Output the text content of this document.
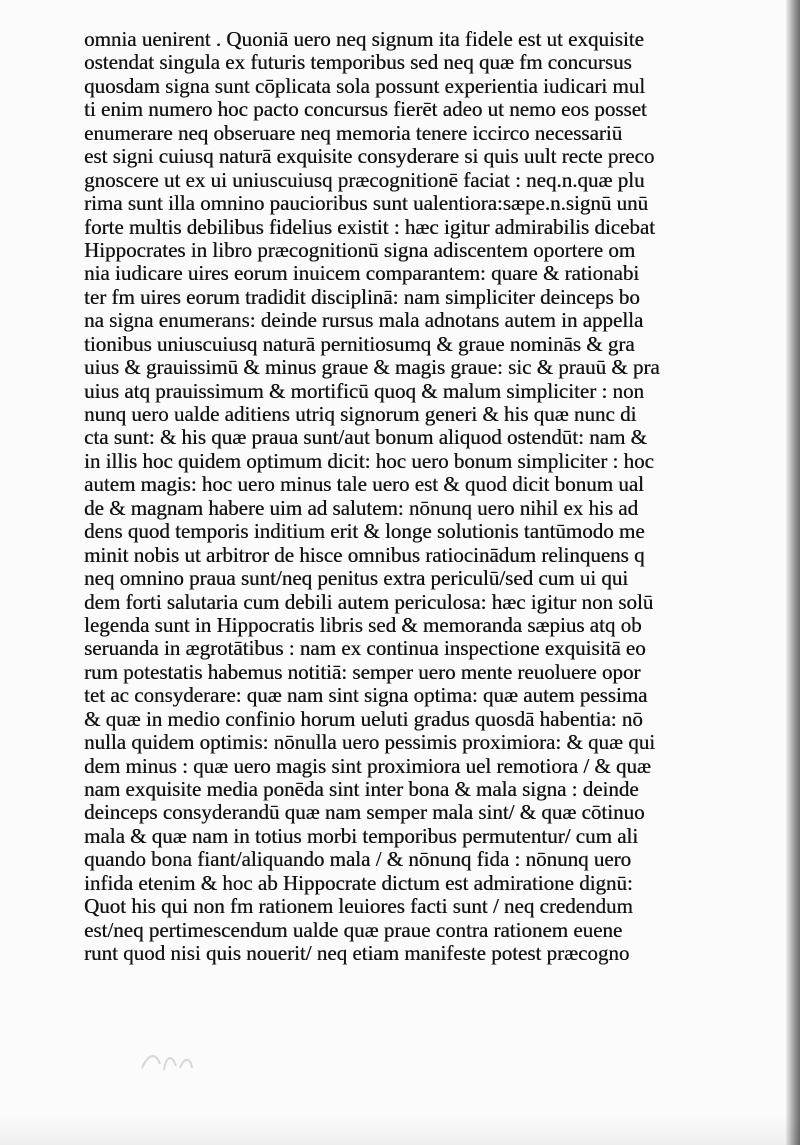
omnia uenirent . Quoniā uero neq signum ita fidele est ut exquisite
ostendat singula ex futuris temporibus sed neq quæ fm concursus
quosdam signa sunt cōplicata sola possunt experientia iudicari mul
ti enim numero hoc pacto concursus fierēt adeo ut nemo eos posset
enumerare neq obseruare neq memoria tenere iccirco necessariū
est signi cuiusq naturā exquisite consyderare si quis uult recte preco
gnoscere ut ex ui uniuscuiusq præcognitionē faciat : neq.n.quæ plu
rima sunt illa omnino paucioribus sunt ualentiora:sæpe.n.signū unū
forte multis debilibus fidelius existit : hæc igitur admirabilis dicebat
Hippocrates in libro præcognitionū signa adiscentem oportere om
nia iudicare uires eorum inuicem comparantem: quare & rationabi
ter fm uires eorum tradidit disciplinā: nam simpliciter deinceps bo
na signa enumerans: deinde rursus mala adnotans autem in appella
tionibus uniuscuiusq naturā pernitiosumq & graue nominās & gra
uius & grauissimū & minus graue & magis graue: sic & prauū & pra
uius atq prauissimum & mortificū quoq & malum simpliciter : non
nunq uero ualde aditiens utriq signorum generi & his quæ nunc di
cta sunt: & his quæ praua sunt/aut bonum aliquod ostendūt: nam &
in illis hoc quidem optimum dicit: hoc uero bonum simpliciter : hoc
autem magis: hoc uero minus tale uero est & quod dicit bonum ual
de & magnam habere uim ad salutem: nōnunq uero nihil ex his ad
dens quod temporis inditium erit & longe solutionis tantūmodo me
minit nobis ut arbitror de hisce omnibus ratiocinādum relinquens q
neq omnino praua sunt/neq penitus extra periculū/sed cum ui qui
dem forti salutaria cum debili autem periculosa: hæc igitur non solū
legenda sunt in Hippocratis libris sed & memoranda sæpius atq ob
seruanda in ægrotātibus : nam ex continua inspectione exquisitā eo
rum potestatis habemus notitiā: semper uero mente reuoluere opor
tet ac consyderare: quæ nam sint signa optima: quæ autem pessima
& quæ in medio confinio horum ueluti gradus quosdā habentia: nō
nulla quidem optimis: nōnulla uero pessimis proximiora: & quæ qui
dem minus : quæ uero magis sint proximiora uel remotiora / & quæ
nam exquisite media ponēda sint inter bona & mala signa : deinde
deinceps consyderandū quæ nam semper mala sint/ & quæ cōtinuo
mala & quæ nam in totius morbi temporibus permutentur/ cum ali
quando bona fiant/aliquando mala / & nōnunq fida : nōnunq uero
infida etenim & hoc ab Hippocrate dictum est admiratione dignū:
Quot his qui non fm rationem leuiores facti sunt / neq credendum
est/neq pertimescendum ualde quæ praue contra rationem euene
runt quod nisi quis nouerit/ neq etiam manifeste potest præcogno
